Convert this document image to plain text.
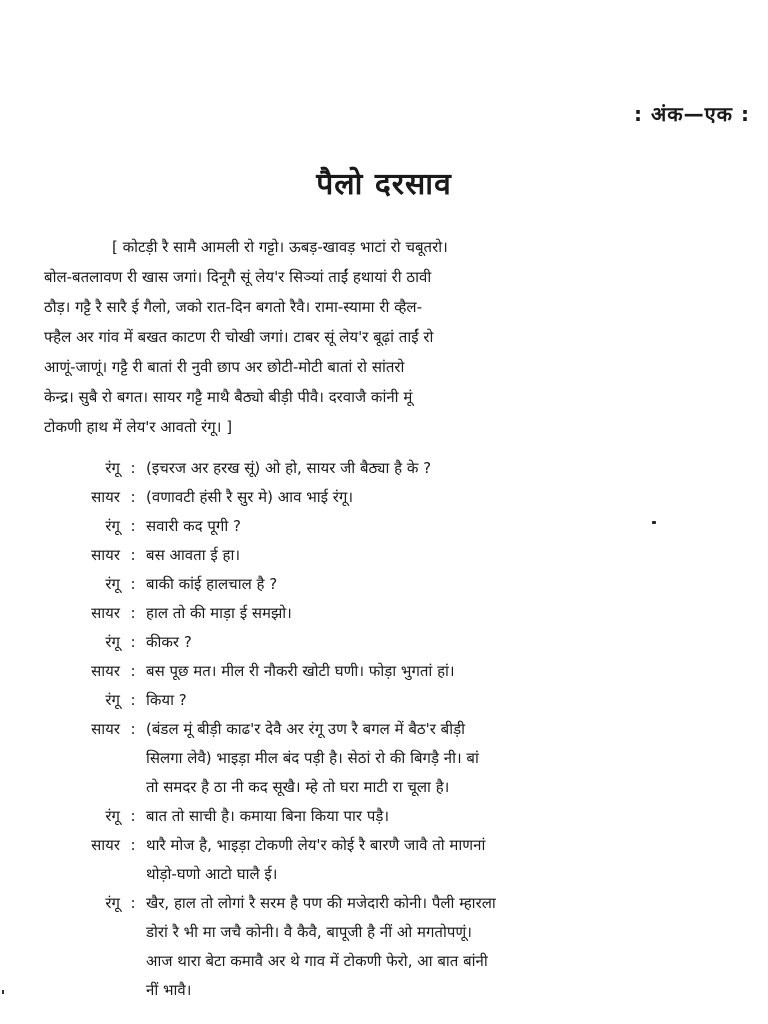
: अंक—एक :
पैलो दरसाव
[ कोटड़ी रै सामै आमली रो गट्टो। ऊबड़-खावड़ भाटां रो चबूतरो।
बोल-बतलावण री खास जगां। दिनूगै सूं लेय'र सिञ्यां ताईं हथायां री ठावी
ठौड़। गट्टै रै सारै ई गैलो, जको रात-दिन बगतो रैवै। रामा-स्यामा री व्हैल-
फ्हैल अर गांव में बखत काटण री चोखी जगां। टाबर सूं लेय'र बूढ़ां ताईं रो
आणूं-जाणूं। गट्टै री बातां री नुवी छाप अर छोटी-मोटी बातां रो सांतरो
केन्द्र। सुबै रो बगत। सायर गट्टै माथै बैठ्यो बीड़ी पीवै। दरवाजै कांनी मूं
टोकणी हाथ में लेय'र आवतो रंगू। ]
रंगू : (इचरज अर हरख सूं) ओ हो, सायर जी बैठ्या है के ?
सायर : (वणावटी हंसी रै सुर मे) आव भाई रंगू।
रंगू : सवारी कद पूगी ?
सायर : बस आवता ई हा।
रंगू : बाकी कांई हालचाल है ?
सायर : हाल तो की माड़ा ई समझो।
रंगू : कीकर ?
सायर : बस पूछ मत। मील री नौकरी खोटी घणी। फोड़ा भुगतां हां।
रंगू : किया ?
सायर : (बंडल मूं बीड़ी काढ'र देवै अर रंगू उण रै बगल में बैठ'र बीड़ी
सिलगा लेवै) भाइड़ा मील बंद पड़ी है। सेठां रो की बिगड़ै नी। बां
तो समदर है ठा नी कद सूखै। म्हे तो घरा माटी रा चूला है।
रंगू : बात तो साची है। कमाया बिना किया पार पड़ै।
सायर : थारै मोज है, भाइड़ा टोकणी लेय'र कोई रै बारणै जावै तो माणनां
थोड़ो-घणो आटो घालै ई।
रंगू : खैर, हाल तो लोगां रै सरम है पण की मजेदारी कोनी। पैली म्हारला
डोरां रै भी मा जचै कोनी। वै कैवै, बापूजी है नीं ओ मगतोपणूं।
आज थारा बेटा कमावै अर थे गाव में टोकणी फेरो, आ बात बांनी
नीं भावै।
